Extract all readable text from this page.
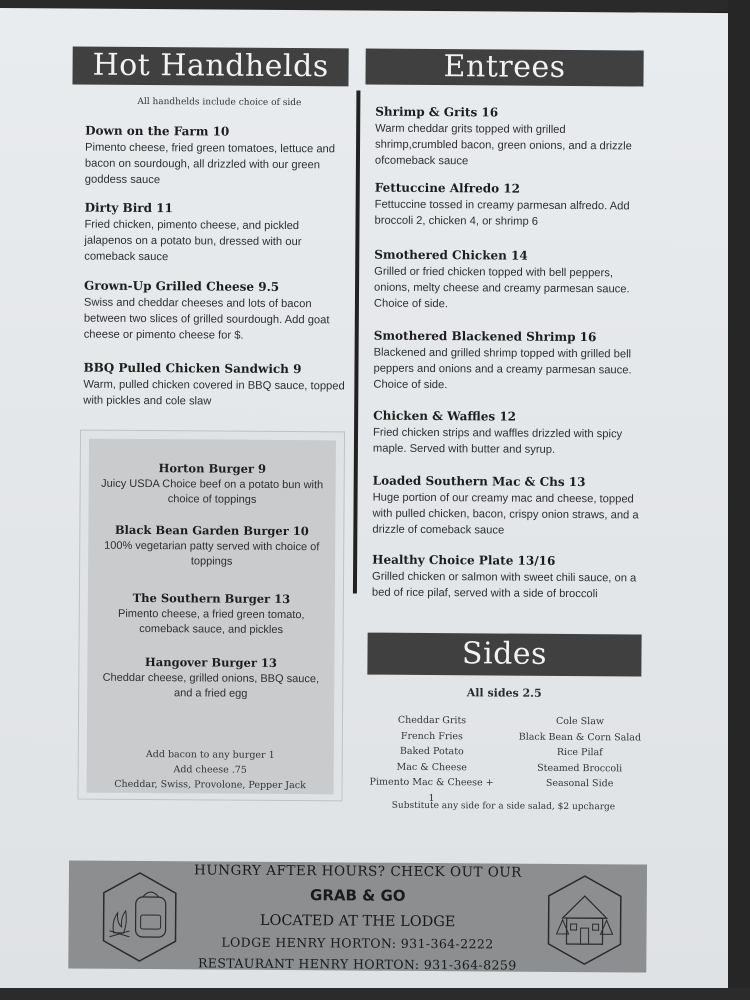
Hot Handhelds
All handhelds include choice of side
Down on the Farm 10
Pimento cheese, fried green tomatoes, lettuce and bacon on sourdough, all drizzled with our green goddess sauce
Dirty Bird 11
Fried chicken, pimento cheese, and pickled jalapenos on a potato bun, dressed with our comeback sauce
Grown-Up Grilled Cheese 9.5
Swiss and cheddar cheeses and lots of bacon between two slices of grilled sourdough. Add goat cheese or pimento cheese for $.
BBQ Pulled Chicken Sandwich 9
Warm, pulled chicken covered in BBQ sauce, topped with pickles and cole slaw
Horton Burger 9
Juicy USDA Choice beef on a potato bun with choice of toppings
Black Bean Garden Burger 10
100% vegetarian patty served with choice of toppings
The Southern Burger 13
Pimento cheese, a fried green tomato, comeback sauce, and pickles
Hangover Burger 13
Cheddar cheese, grilled onions, BBQ sauce, and a fried egg
Add bacon to any burger 1
Add cheese .75
Cheddar, Swiss, Provolone, Pepper Jack
Entrees
Shrimp & Grits 16
Warm cheddar grits topped with grilled shrimp,crumbled bacon, green onions, and a drizzle ofcomeback sauce
Fettuccine Alfredo 12
Fettuccine tossed in creamy parmesan alfredo. Add broccoli 2, chicken 4, or shrimp 6
Smothered Chicken 14
Grilled or fried chicken topped with bell peppers, onions, melty cheese and creamy parmesan sauce. Choice of side.
Smothered Blackened Shrimp 16
Blackened and grilled shrimp topped with grilled bell peppers and onions and a creamy parmesan sauce. Choice of side.
Chicken & Waffles 12
Fried chicken strips and waffles drizzled with spicy maple. Served with butter and syrup.
Loaded Southern Mac & Chs 13
Huge portion of our creamy mac and cheese, topped with pulled chicken, bacon, crispy onion straws, and a drizzle of comeback sauce
Healthy Choice Plate 13/16
Grilled chicken or salmon with sweet chili sauce, on a bed of rice pilaf, served with a side of broccoli
Sides
All sides 2.5
Cheddar Grits
French Fries
Baked Potato
Mac & Cheese
Pimento Mac & Cheese + 1
Cole Slaw
Black Bean & Corn Salad
Rice Pilaf
Steamed Broccoli
Seasonal Side
Substitute any side for a side salad, $2 upcharge
HUNGRY AFTER HOURS? CHECK OUT OUR
GRAB & GO
LOCATED AT THE LODGE
LODGE HENRY HORTON: 931-364-2222
RESTAURANT HENRY HORTON: 931-364-8259
